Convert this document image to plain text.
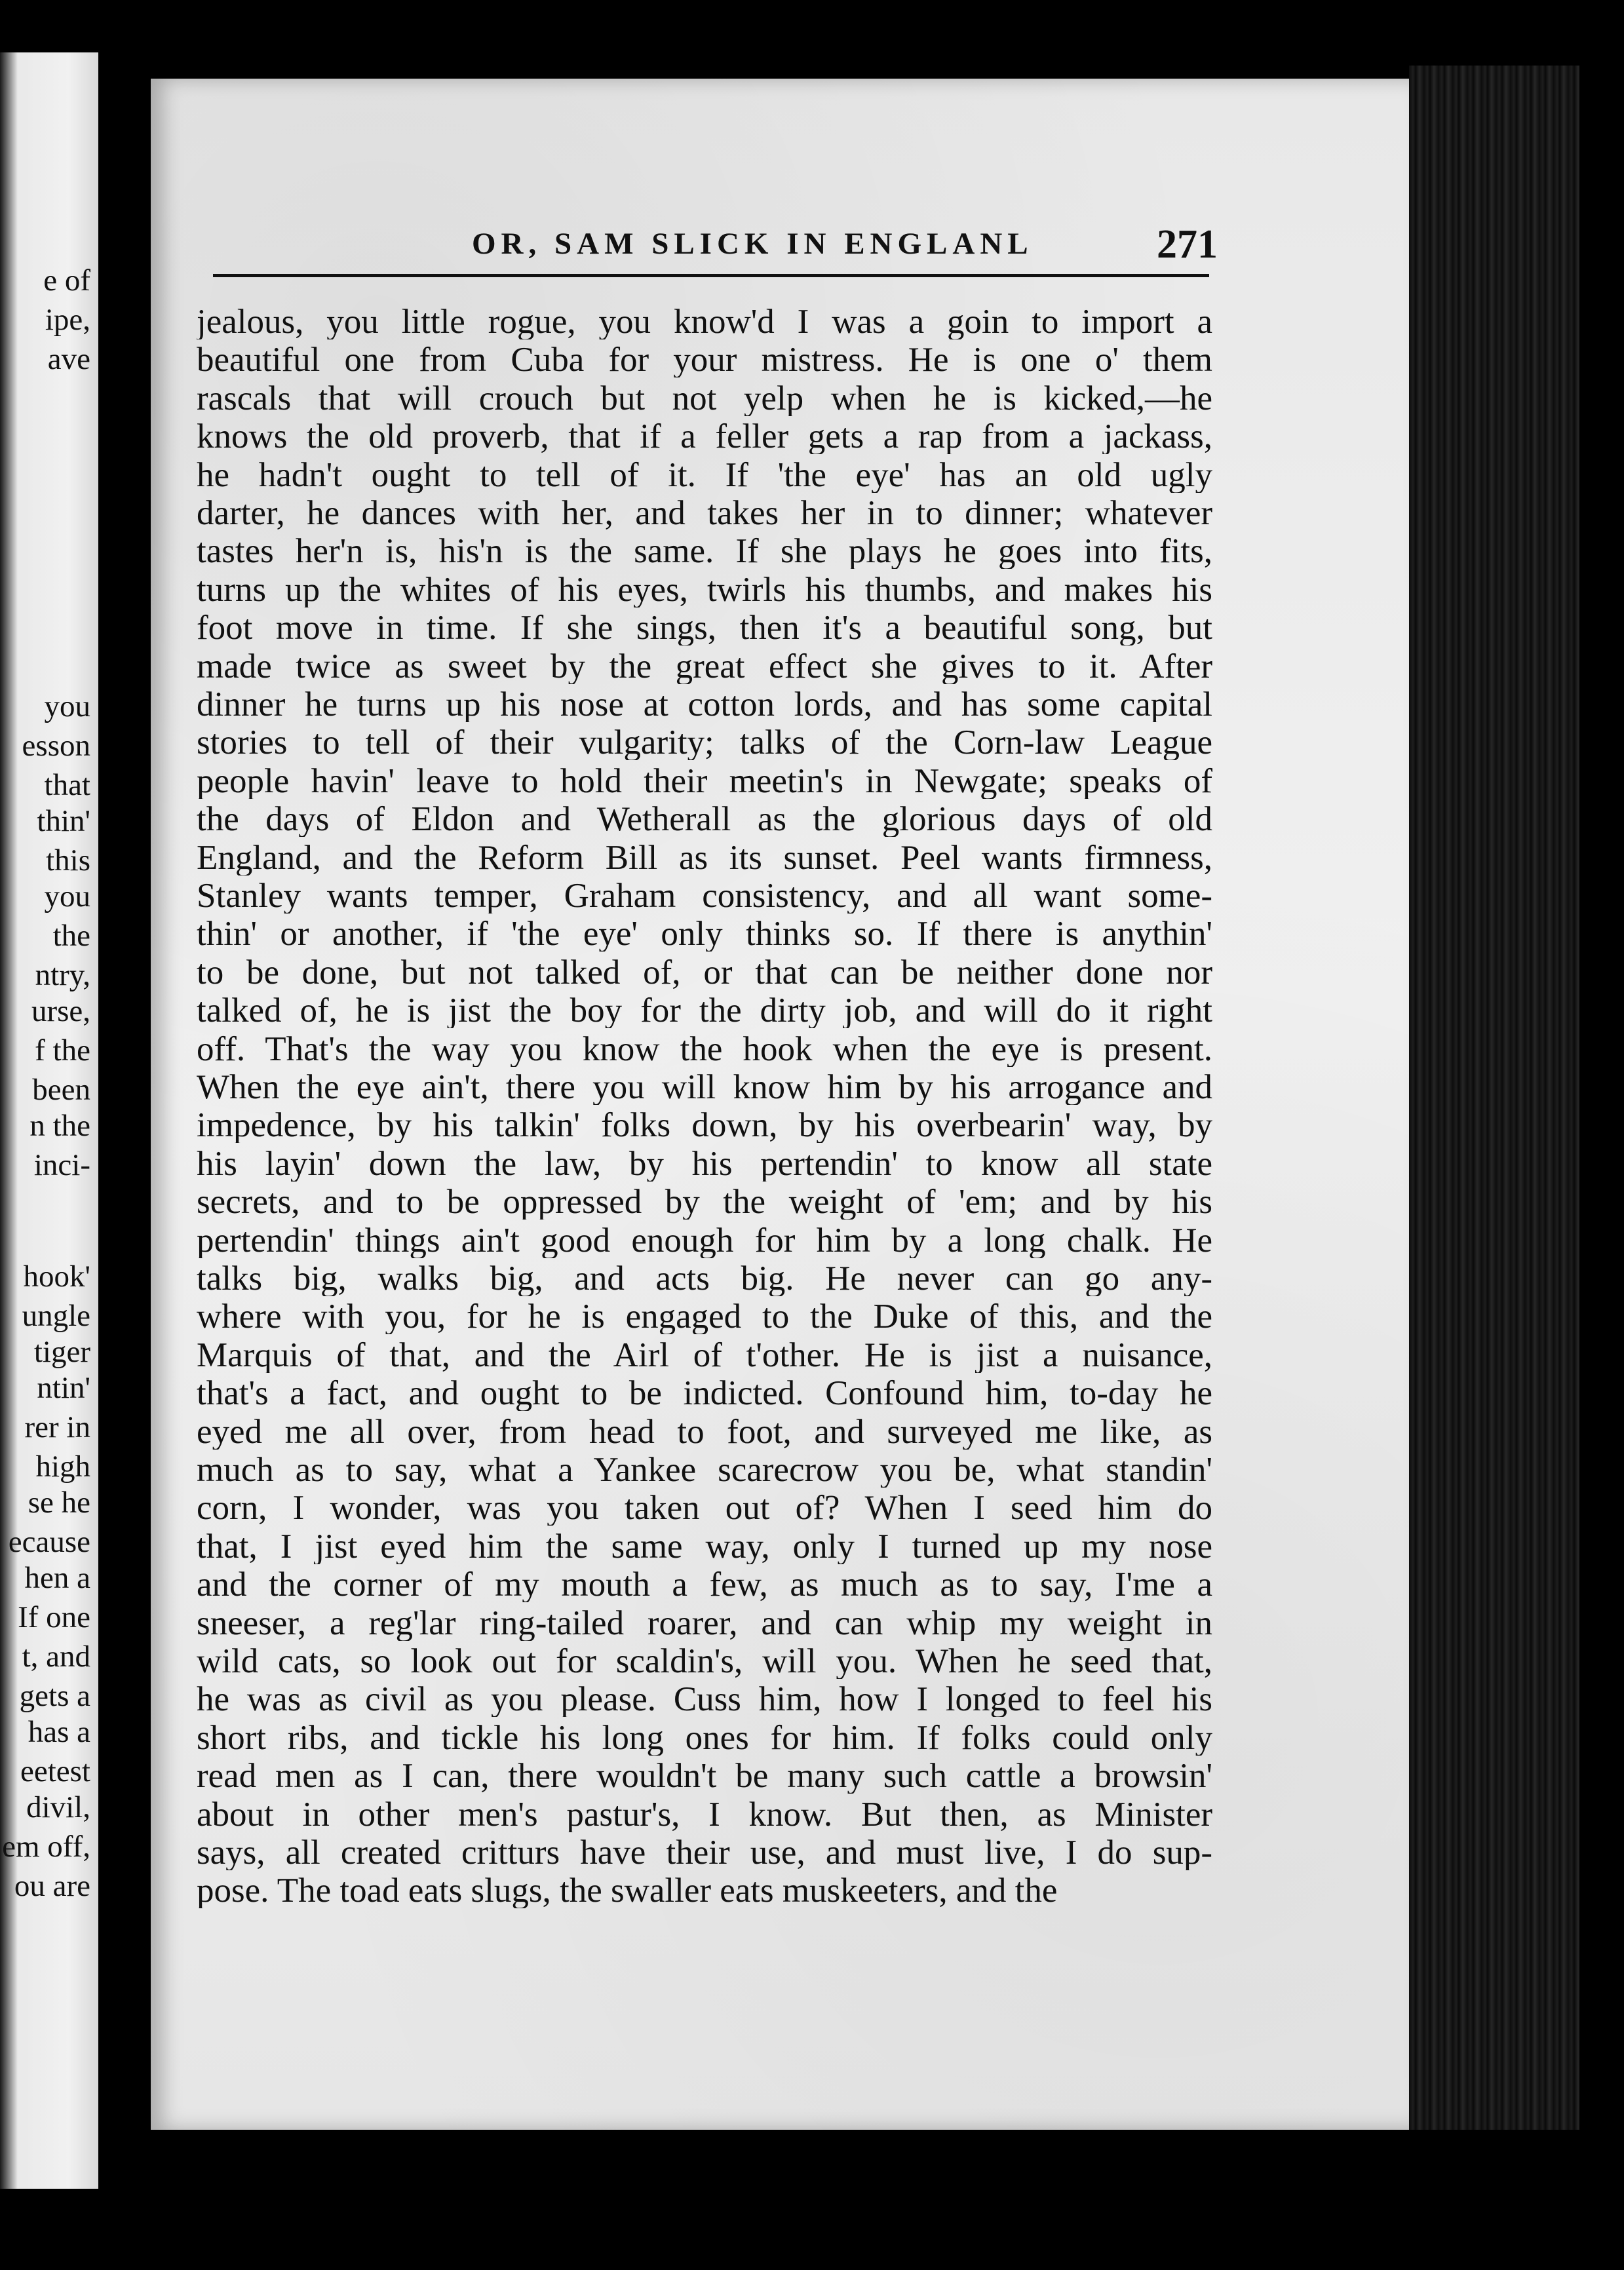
e of
ipe,
ave
you
esson
that
thin'
this
you
the
ntry,
urse,
f the
been
n the
inci-
hook'
ungle
tiger
ntin'
rer in
high
se he
ecause
hen a
If one
t, and
gets a
has a
eetest
divil,
em off,
ou are
OR, SAM SLICK IN ENGLANL	271
jealous, you little rogue, you know'd I was a goin to import a
beautiful one from Cuba for your mistress. He is one o' them
rascals that will crouch but not yelp when he is kicked,—he
knows the old proverb, that if a feller gets a rap from a jackass,
he hadn't ought to tell of it. If 'the eye' has an old ugly
darter, he dances with her, and takes her in to dinner; whatever
tastes her'n is, his'n is the same. If she plays he goes into fits,
turns up the whites of his eyes, twirls his thumbs, and makes his
foot move in time. If she sings, then it's a beautiful song, but
made twice as sweet by the great effect she gives to it. After
dinner he turns up his nose at cotton lords, and has some capital
stories to tell of their vulgarity; talks of the Corn-law League
people havin' leave to hold their meetin's in Newgate; speaks of
the days of Eldon and Wetherall as the glorious days of old
England, and the Reform Bill as its sunset. Peel wants firmness,
Stanley wants temper, Graham consistency, and all want some-
thin' or another, if 'the eye' only thinks so. If there is anythin'
to be done, but not talked of, or that can be neither done nor
talked of, he is jist the boy for the dirty job, and will do it right
off. That's the way you know the hook when the eye is present.
When the eye ain't, there you will know him by his arrogance and
impedence, by his talkin' folks down, by his overbearin' way, by
his layin' down the law, by his pertendin' to know all state
secrets, and to be oppressed by the weight of 'em; and by his
pertendin' things ain't good enough for him by a long chalk. He
talks big, walks big, and acts big. He never can go any-
where with you, for he is engaged to the Duke of this, and the
Marquis of that, and the Airl of t'other. He is jist a nuisance,
that's a fact, and ought to be indicted. Confound him, to-day he
eyed me all over, from head to foot, and surveyed me like, as
much as to say, what a Yankee scarecrow you be, what standin'
corn, I wonder, was you taken out of? When I seed him do
that, I jist eyed him the same way, only I turned up my nose
and the corner of my mouth a few, as much as to say, I'me a
sneeser, a reg'lar ring-tailed roarer, and can whip my weight in
wild cats, so look out for scaldin's, will you. When he seed that,
he was as civil as you please. Cuss him, how I longed to feel his
short ribs, and tickle his long ones for him. If folks could only
read men as I can, there wouldn't be many such cattle a browsin'
about in other men's pastur's, I know. But then, as Minister
says, all created critturs have their use, and must live, I do sup-
pose. The toad eats slugs, the swaller eats muskeeters, and the
